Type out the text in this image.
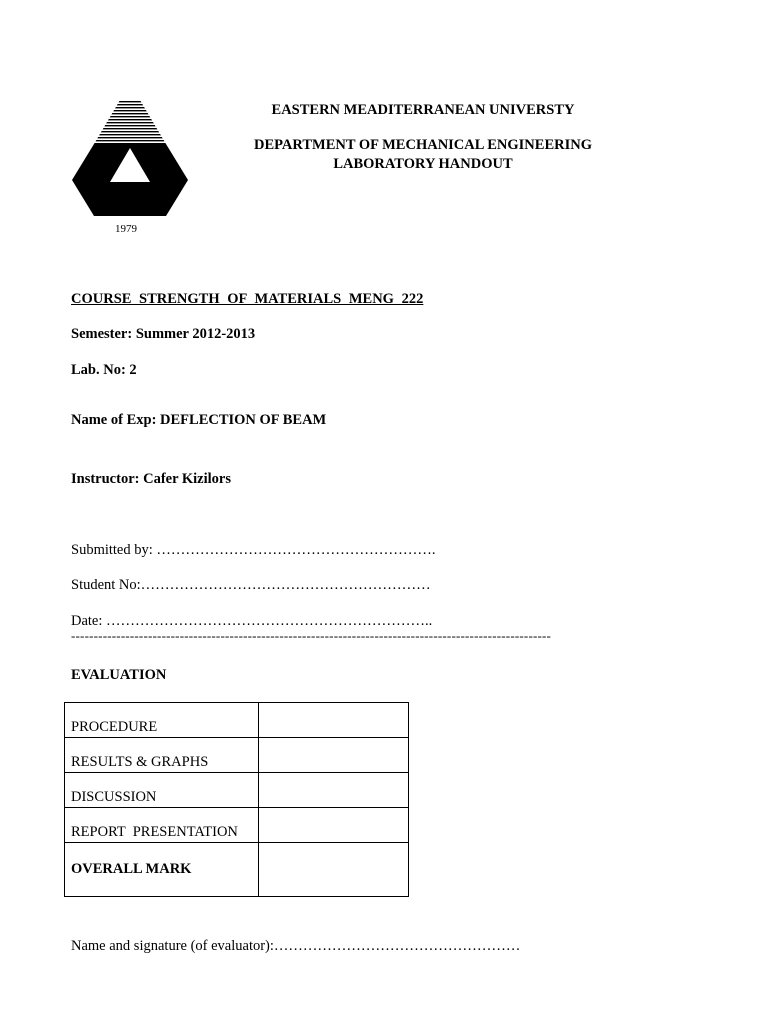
1979
EASTERN MEADITERRANEAN UNIVERSTY
DEPARTMENT OF MECHANICAL ENGINEERING
LABORATORY HANDOUT
COURSE STRENGTH OF MATERIALS MENG 222
Semester: Summer 2012-2013
Lab. No: 2
Name of Exp: DEFLECTION OF BEAM
Instructor: Cafer Kizilors
Submitted by: ………………………………………………….
Student No:……………………………………………………
Date: …………………………………………………………..
----------------------------------------------------------------------------------------------------------
EVALUATION
PROCEDURE	
RESULTS & GRAPHS	
DISCUSSION	
REPORT  PRESENTATION	
OVERALL MARK	
Name and signature (of evaluator):……………………………………………
